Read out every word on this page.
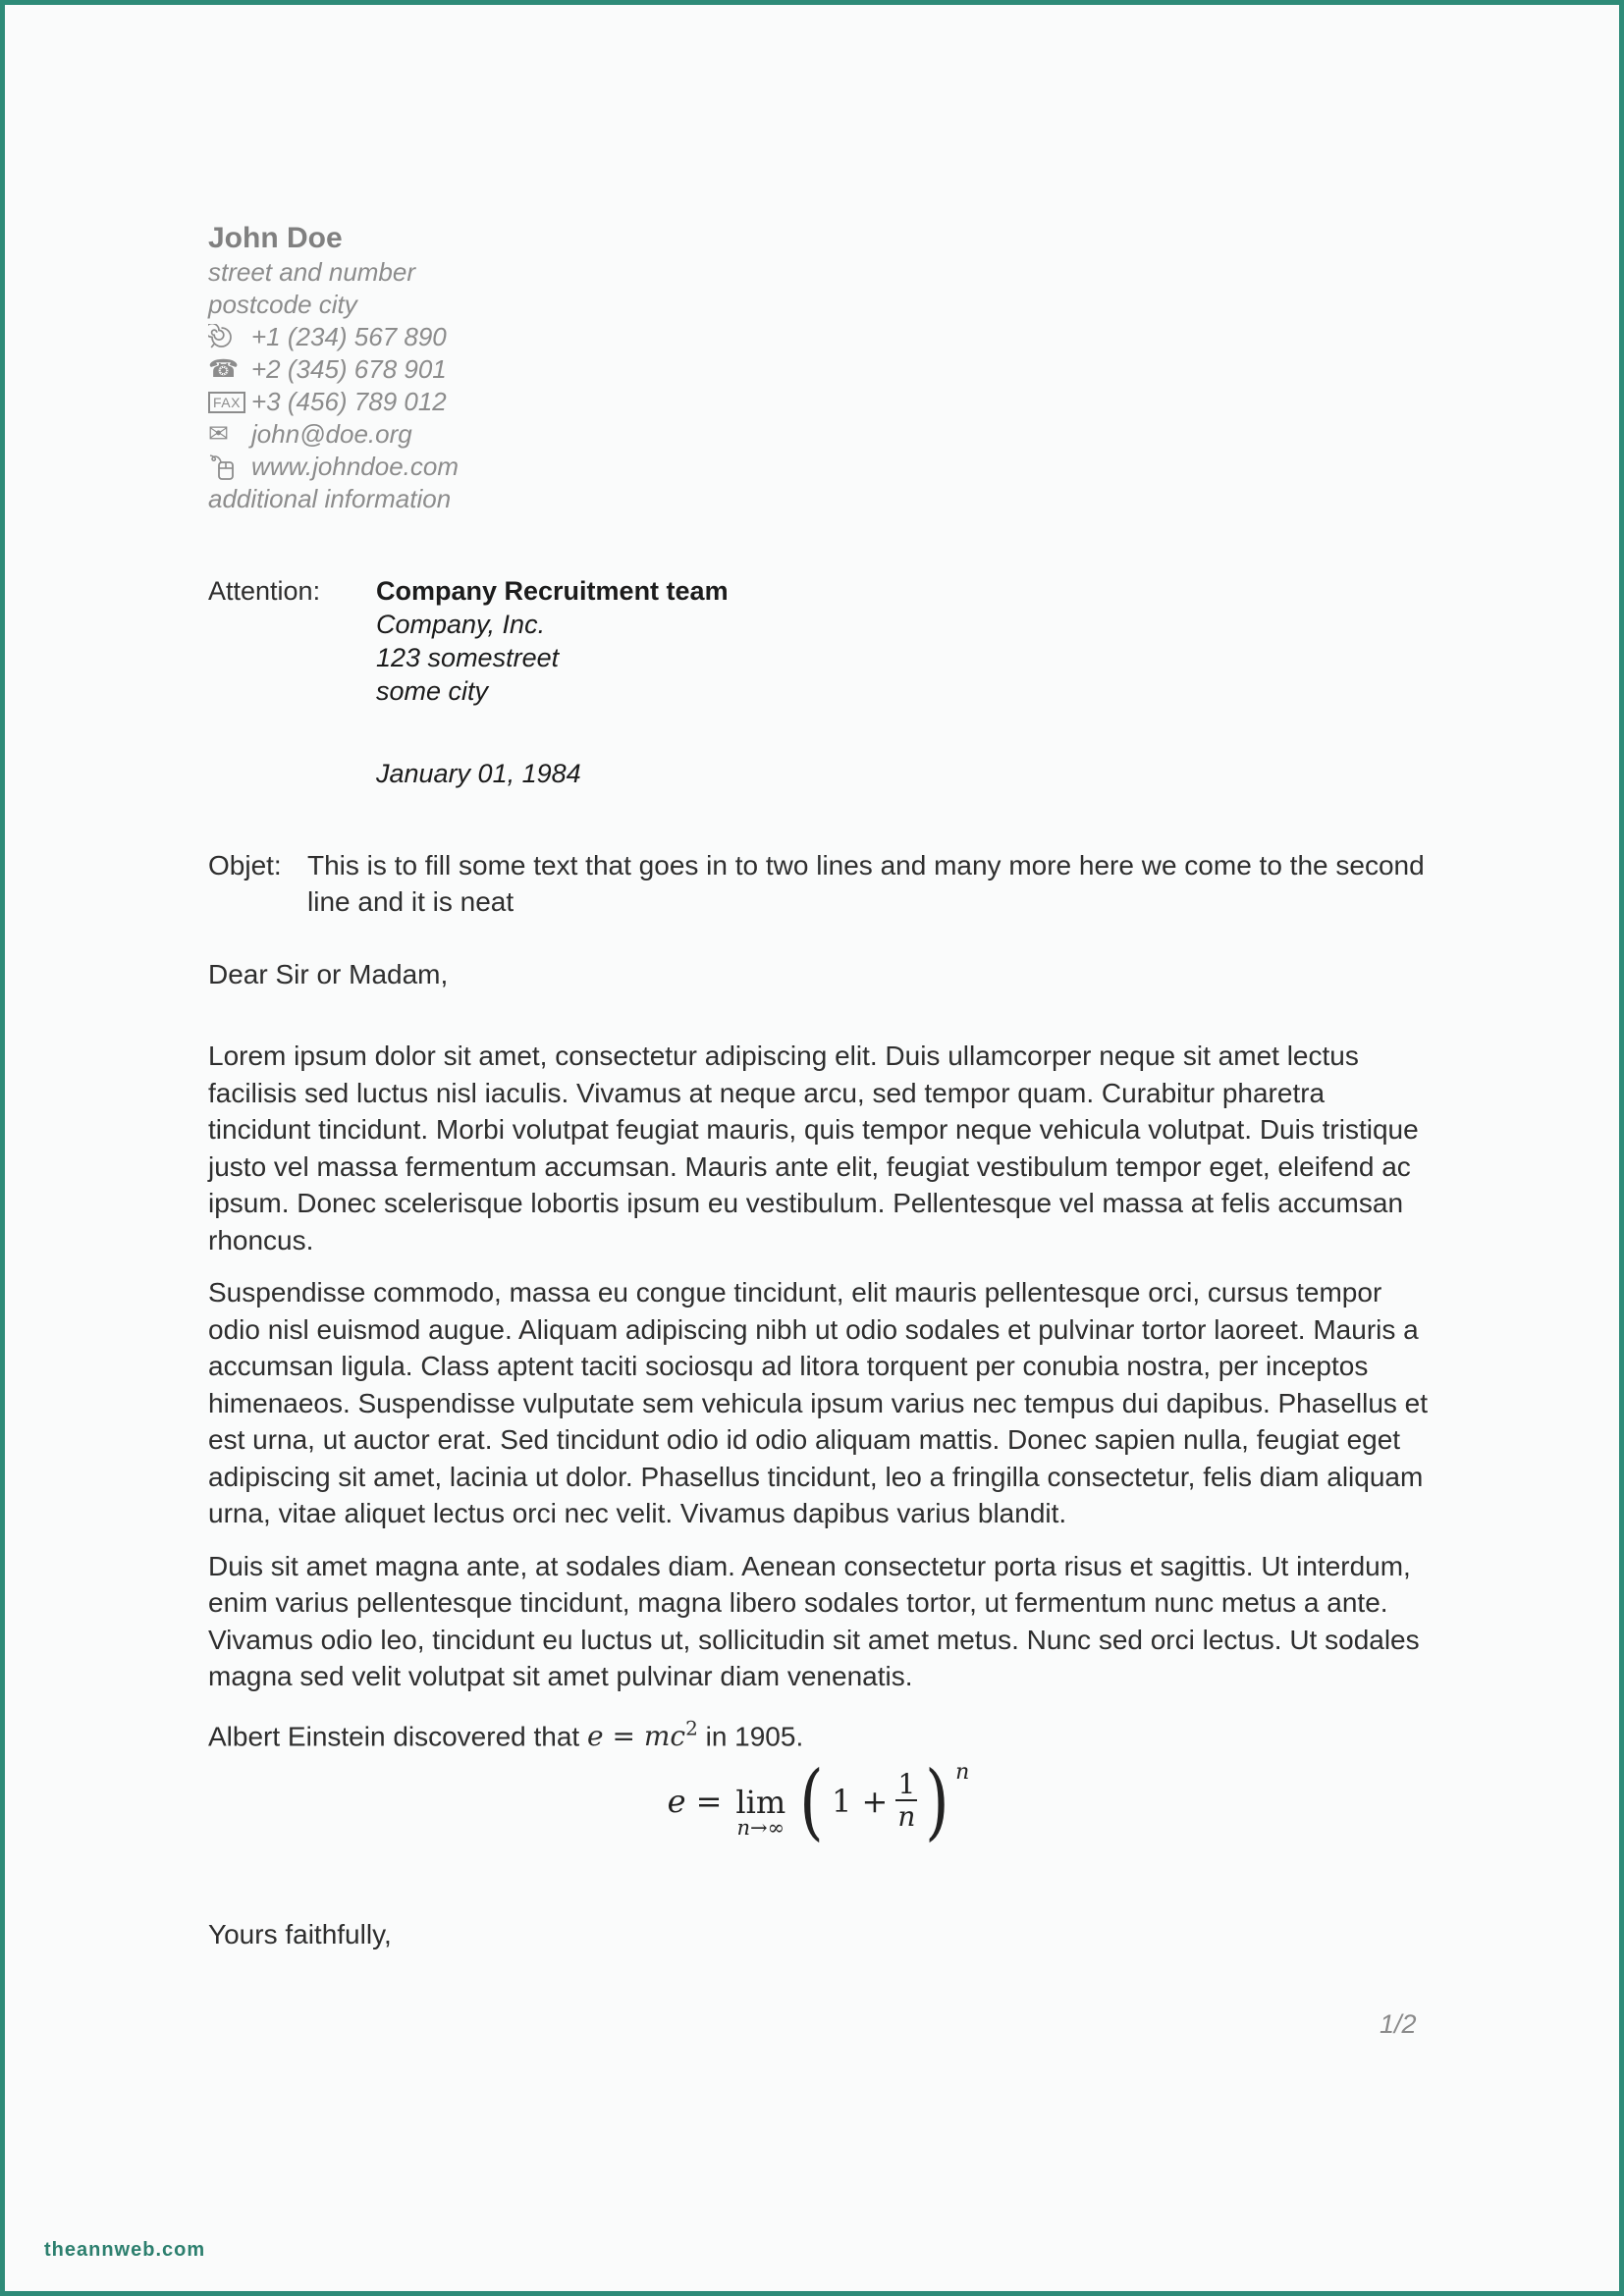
John Doe
street and number
postcode city
+1 (234) 567 890
☎ +2 (345) 678 901
FAX +3 (456) 789 012
✉ john@doe.org
www.johndoe.com
additional information
Attention:	Company Recruitment team
Company, Inc.
123 somestreet
some city
January 01, 1984
Objet: This is to fill some text that goes in to two lines and many more here we come to the second line and it is neat
Dear Sir or Madam,

Lorem ipsum dolor sit amet, consectetur adipiscing elit. Duis ullamcorper neque sit amet lectus facilisis sed luctus nisl iaculis. Vivamus at neque arcu, sed tempor quam. Curabitur pharetra tincidunt tincidunt. Morbi volutpat feugiat mauris, quis tempor neque vehicula volutpat. Duis tristique justo vel massa fermentum accumsan. Mauris ante elit, feugiat vestibulum tempor eget, eleifend ac ipsum. Donec scelerisque lobortis ipsum eu vestibulum. Pellentesque vel massa at felis accumsan rhoncus.

Suspendisse commodo, massa eu congue tincidunt, elit mauris pellentesque orci, cursus tempor odio nisl euismod augue. Aliquam adipiscing nibh ut odio sodales et pulvinar tortor laoreet. Mauris a accumsan ligula. Class aptent taciti sociosqu ad litora torquent per conubia nostra, per inceptos himenaeos. Suspendisse vulputate sem vehicula ipsum varius nec tempus dui dapibus. Phasellus et est urna, ut auctor erat. Sed tincidunt odio id odio aliquam mattis. Donec sapien nulla, feugiat eget adipiscing sit amet, lacinia ut dolor. Phasellus tincidunt, leo a fringilla consectetur, felis diam aliquam urna, vitae aliquet lectus orci nec velit. Vivamus dapibus varius blandit.

Duis sit amet magna ante, at sodales diam. Aenean consectetur porta risus et sagittis. Ut interdum, enim varius pellentesque tincidunt, magna libero sodales tortor, ut fermentum nunc metus a ante. Vivamus odio leo, tincidunt eu luctus ut, sollicitudin sit amet metus. Nunc sed orci lectus. Ut sodales magna sed velit volutpat sit amet pulvinar diam venenatis.

Albert Einstein discovered that $e = mc^2$ in 1905.

e = lim
n→∞ ( $1 + \frac{1}{n}$ ) n
Yours faithfully,
1/2
theannweb.com
